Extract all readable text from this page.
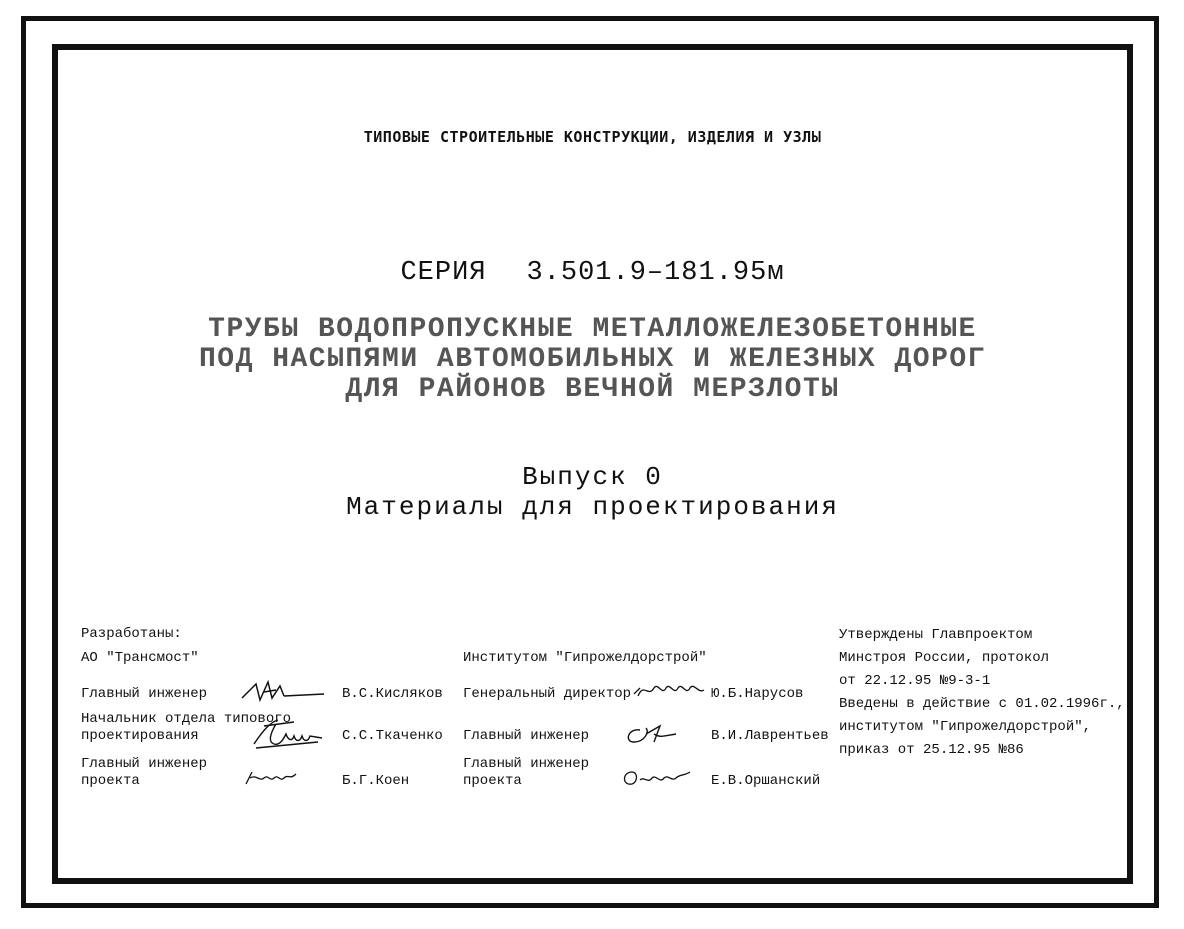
ТИПОВЫЕ СТРОИТЕЛЬНЫЕ КОНСТРУКЦИИ, ИЗДЕЛИЯ И УЗЛЫ
СЕРИЯ 3.501.9–181.95м
ТРУБЫ ВОДОПРОПУСКНЫЕ МЕТАЛЛОЖЕЛЕЗОБЕТОННЫЕ
ПОД НАСЫПЯМИ АВТОМОБИЛЬНЫХ И ЖЕЛЕЗНЫХ ДОРОГ
ДЛЯ РАЙОНОВ ВЕЧНОЙ МЕРЗЛОТЫ
Выпуск 0
Материалы для проектирования
Разработаны:
АО "Трансмост"
Главный инженер	В.С.Кисляков
Начальник отдела типового
проектирования	С.С.Ткаченко
Главный инженер
проекта	Б.Г.Коен
Институтом "Гипрожелдорстрой"
Генеральный директор	Ю.Б.Нарусов
Главный инженер	В.И.Лаврентьев
Главный инженер
проекта	Е.В.Оршанский
Утверждены Главпроектом
Минстроя России, протокол
от 22.12.95 №9-3-1
Введены в действие с 01.02.1996г.,
институтом "Гипрожелдорстрой",
приказ от 25.12.95 №86
